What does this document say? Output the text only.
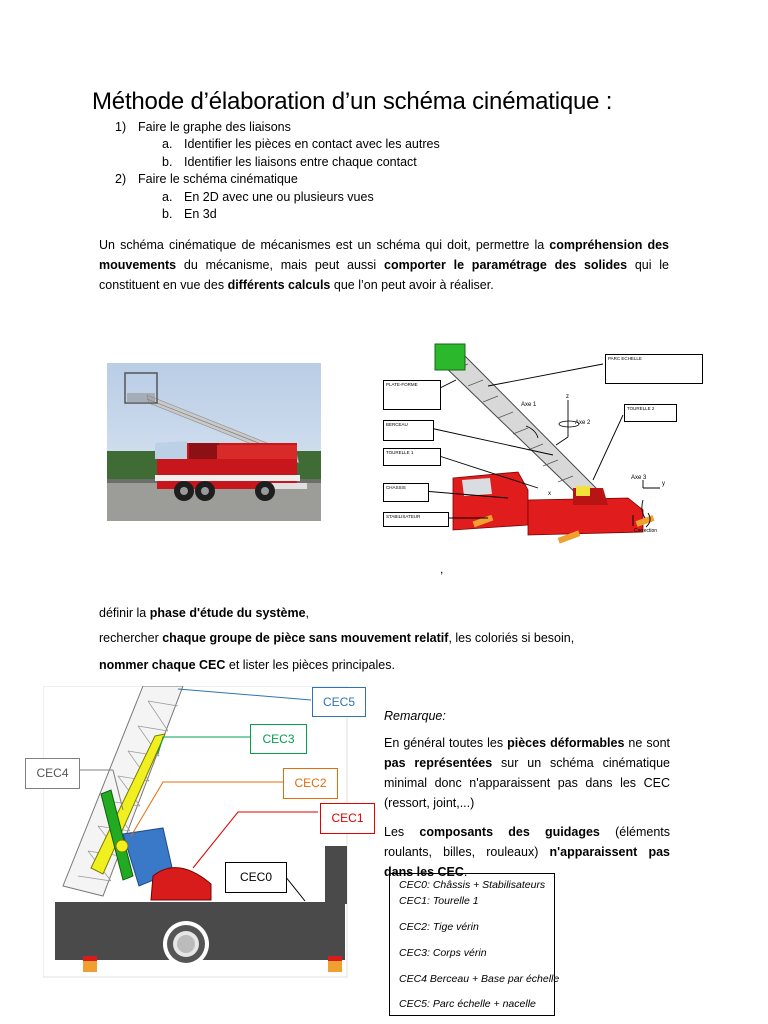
Méthode d’élaboration d’un schéma cinématique :
1) Faire le graphe des liaisons
a. Identifier les pièces en contact avec les autres
b. Identifier les liaisons entre chaque contact
2) Faire le schéma cinématique
a. En 2D avec une ou plusieurs vues
b. En 3d
Un schéma cinématique de mécanismes est un schéma qui doit, permettre la compréhension des mouvements du mécanisme, mais peut aussi comporter le paramétrage des solides qui le constituent en vue des différents calculs que l’on peut avoir à réaliser.
PARC ECHELLE
PLATE-FORME
TOURELLE 2
BERCEAU
TOURELLE 1
CHASSIS
STABILISATEUR
Axe 1
Axe 2
Axe 3
x
y
z
Correction
,
définir la phase d'étude du système,
rechercher chaque groupe de pièce sans mouvement relatif, les coloriés si besoin,
nommer chaque CEC et lister les pièces principales.
CEC5
CEC3
CEC4
CEC2
CEC1
CEC0
Remarque:
En général toutes les pièces déformables ne sont pas représentées sur un schéma cinématique minimal donc n'apparaissent pas dans les CEC (ressort, joint,...)
Les composants des guidages (éléments roulants, billes, rouleaux) n'apparaissent pas dans les CEC.
CEC0: Châssis + Stabilisateurs
CEC1: Tourelle 1
CEC2: Tige vérin
CEC3: Corps vérin
CEC4 Berceau + Base par échelle
CEC5: Parc échelle + nacelle
